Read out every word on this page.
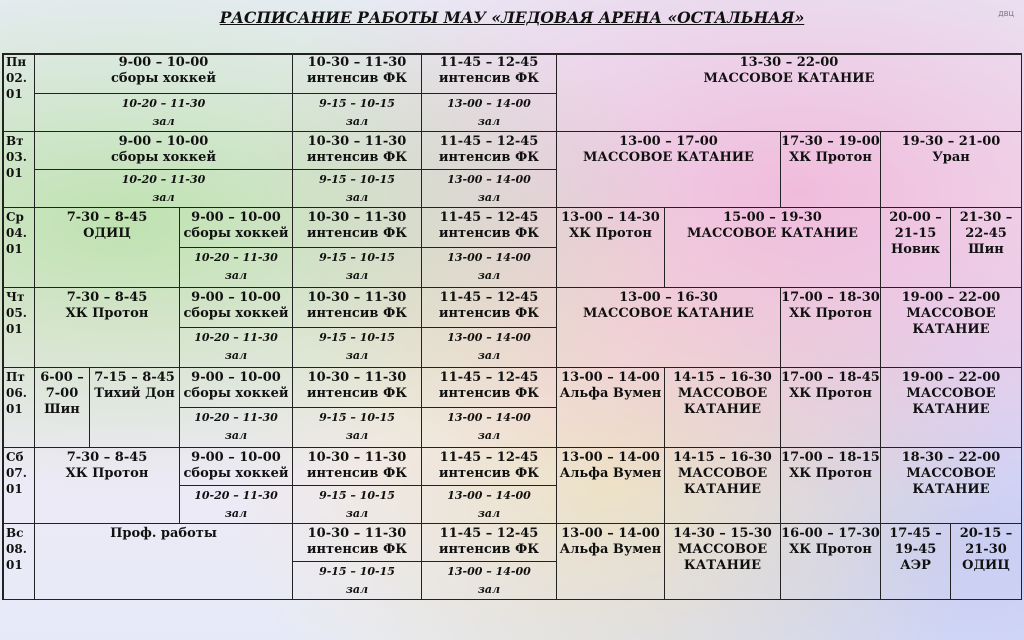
РАСПИСАНИЕ РАБОТЫ МАУ «ЛЕДОВАЯ АРЕНА «ОСТАЛЬНАЯ»	ДВЦ
Пн
02.
01
9-00 – 10-00
сборы хоккей
10-20 – 11-30
зал
10-30 – 11-30
интенсив ФК
9-15 – 10-15
зал
11-45 – 12-45
интенсив ФК
13-00 – 14-00
зал
13-30 – 22-00
МАССОВОЕ КАТАНИЕ
Вт
03.
01
9-00 – 10-00
сборы хоккей
10-20 – 11-30
зал
10-30 – 11-30
интенсив ФК
9-15 – 10-15
зал
11-45 – 12-45
интенсив ФК
13-00 – 14-00
зал
13-00 – 17-00
МАССОВОЕ КАТАНИЕ
17-30 – 19-00
ХК Протон
19-30 – 21-00
Уран
Ср
04.
01
7-30 – 8-45
ОДИЦ
9-00 – 10-00
сборы хоккей
10-20 – 11-30
зал
10-30 – 11-30
интенсив ФК
9-15 – 10-15
зал
11-45 – 12-45
интенсив ФК
13-00 – 14-00
зал
13-00 – 14-30
ХК Протон
15-00 – 19-30
МАССОВОЕ КАТАНИЕ
20-00 –
21-15
Новик
21-30 –
22-45
Шин
Чт
05.
01
7-30 – 8-45
ХК Протон
9-00 – 10-00
сборы хоккей
10-20 – 11-30
зал
10-30 – 11-30
интенсив ФК
9-15 – 10-15
зал
11-45 – 12-45
интенсив ФК
13-00 – 14-00
зал
13-00 – 16-30
МАССОВОЕ КАТАНИЕ
17-00 – 18-30
ХК Протон
19-00 – 22-00
МАССОВОЕ
КАТАНИЕ
Пт
06.
01
6-00 –
7-00
Шин
7-15 – 8-45
Тихий Дон
9-00 – 10-00
сборы хоккей
10-20 – 11-30
зал
10-30 – 11-30
интенсив ФК
9-15 – 10-15
зал
11-45 – 12-45
интенсив ФК
13-00 – 14-00
зал
13-00 – 14-00
Альфа Вумен
14-15 – 16-30
МАССОВОЕ
КАТАНИЕ
17-00 – 18-45
ХК Протон
19-00 – 22-00
МАССОВОЕ
КАТАНИЕ
Сб
07.
01
7-30 – 8-45
ХК Протон
9-00 – 10-00
сборы хоккей
10-20 – 11-30
зал
10-30 – 11-30
интенсив ФК
9-15 – 10-15
зал
11-45 – 12-45
интенсив ФК
13-00 – 14-00
зал
13-00 – 14-00
Альфа Вумен
14-15 – 16-30
МАССОВОЕ
КАТАНИЕ
17-00 – 18-15
ХК Протон
18-30 – 22-00
МАССОВОЕ
КАТАНИЕ
Вс
08.
01
Проф. работы	10-30 – 11-30
интенсив ФК
9-15 – 10-15
зал
11-45 – 12-45
интенсив ФК
13-00 – 14-00
зал
13-00 – 14-00
Альфа Вумен
14-30 – 15-30
МАССОВОЕ
КАТАНИЕ
16-00 – 17-30
ХК Протон
17-45 –
19-45
АЭР
20-15 –
21-30
ОДИЦ
